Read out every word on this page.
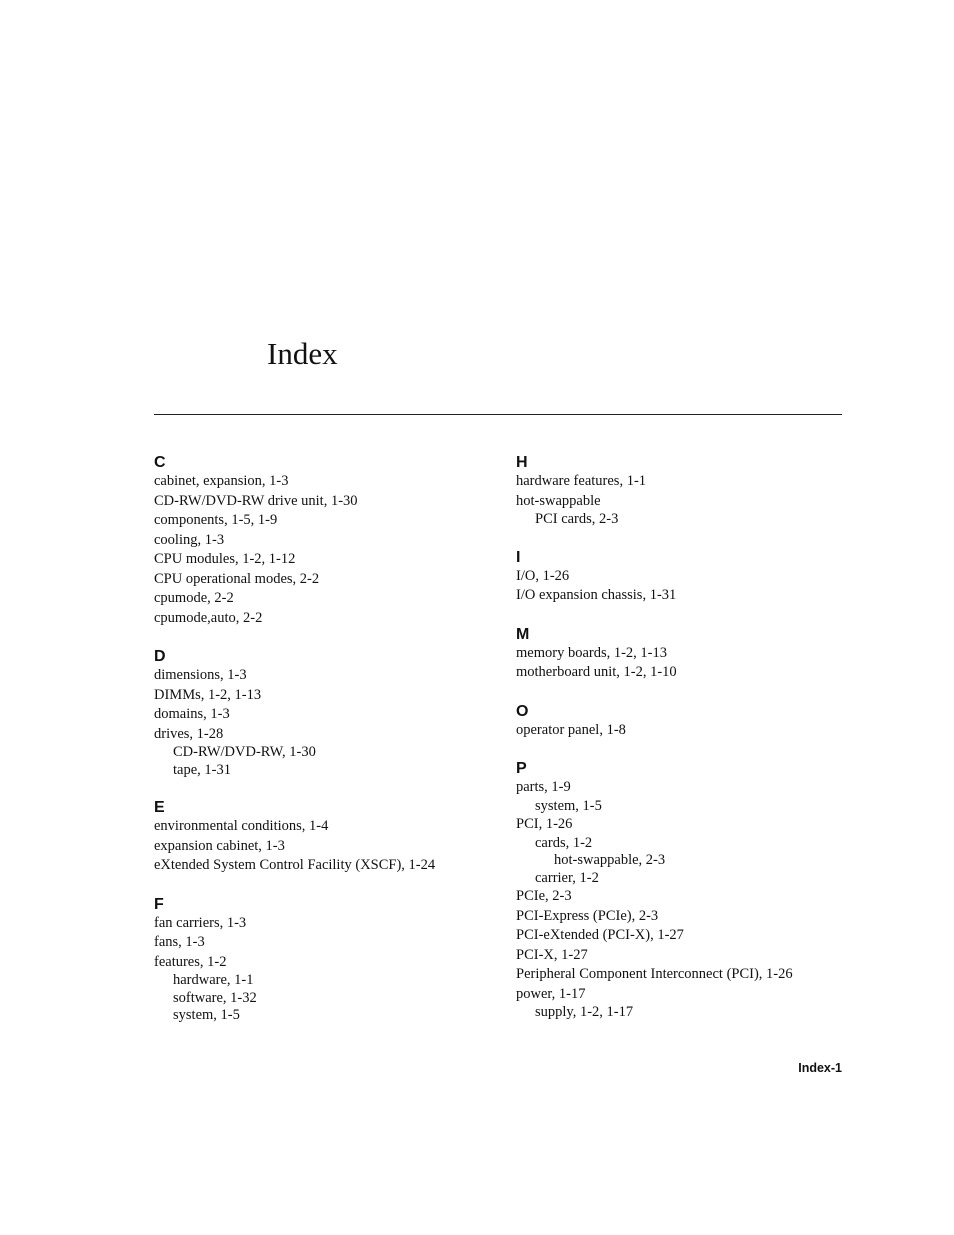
Index
C
cabinet, expansion, 1-3
CD-RW/DVD-RW drive unit, 1-30
components, 1-5, 1-9
cooling, 1-3
CPU modules, 1-2, 1-12
CPU operational modes, 2-2
cpumode, 2-2
cpumode,auto, 2-2
D
dimensions, 1-3
DIMMs, 1-2, 1-13
domains, 1-3
drives, 1-28
CD-RW/DVD-RW, 1-30
tape, 1-31
E
environmental conditions, 1-4
expansion cabinet, 1-3
eXtended System Control Facility (XSCF), 1-24
F
fan carriers, 1-3
fans, 1-3
features, 1-2
hardware, 1-1
software, 1-32
system, 1-5
H
hardware features, 1-1
hot-swappable
PCI cards, 2-3
I
I/O, 1-26
I/O expansion chassis, 1-31
M
memory boards, 1-2, 1-13
motherboard unit, 1-2, 1-10
O
operator panel, 1-8
P
parts, 1-9
system, 1-5
PCI, 1-26
cards, 1-2
hot-swappable, 2-3
carrier, 1-2
PCIe, 2-3
PCI-Express (PCIe), 2-3
PCI-eXtended (PCI-X), 1-27
PCI-X, 1-27
Peripheral Component Interconnect (PCI), 1-26
power, 1-17
supply, 1-2, 1-17
Index-1
